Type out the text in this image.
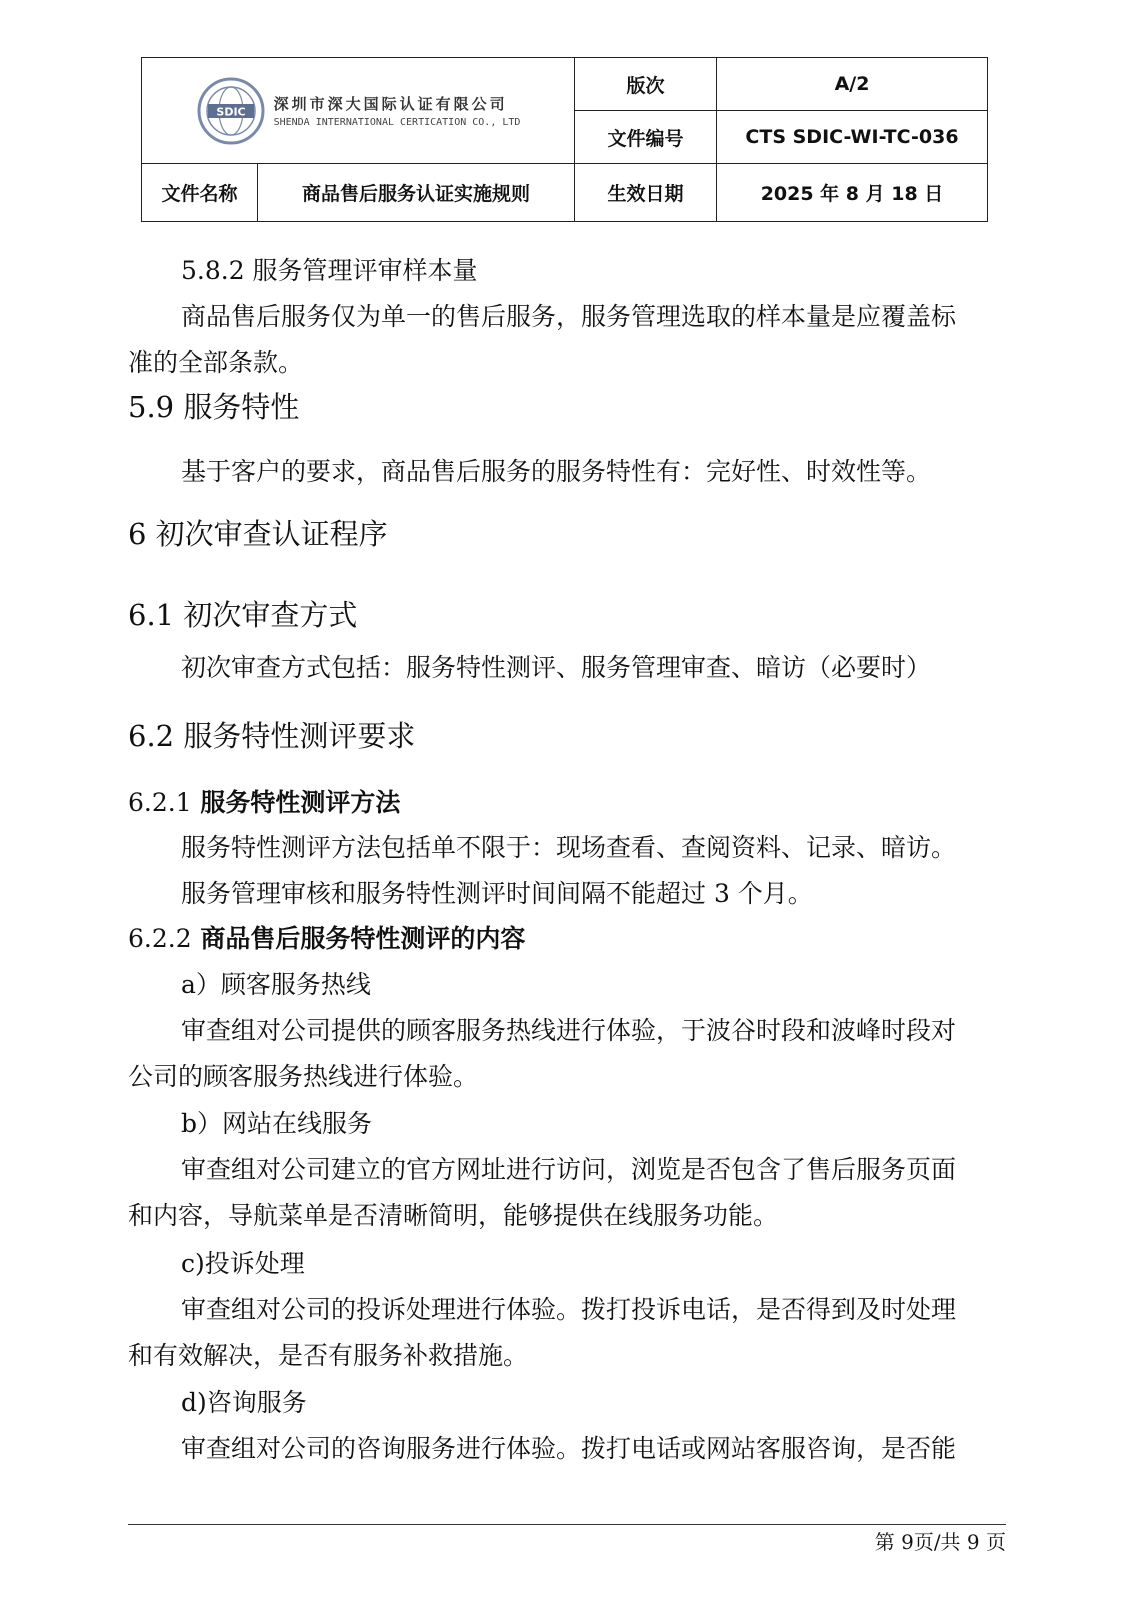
SDIC 深圳市深大国际认证有限公司
SHENDA INTERNATIONAL CERTICATION CO., LTD		版次	A/2
		文件编号	CTS SDIC-WI-TC-036
文件名称	商品售后服务认证实施规则	生效日期	2025 年 8 月 18 日
5.8.2 服务管理评审样本量
商品售后服务仅为单一的售后服务，服务管理选取的样本量是应覆盖标
准的全部条款。
5.9 服务特性
基于客户的要求，商品售后服务的服务特性有：完好性、时效性等。
6 初次审查认证程序
6.1 初次审查方式
初次审查方式包括：服务特性测评、服务管理审查、暗访（必要时）
6.2 服务特性测评要求
6.2.1 服务特性测评方法
服务特性测评方法包括单不限于：现场查看、查阅资料、记录、暗访。
服务管理审核和服务特性测评时间间隔不能超过 3 个月。
6.2.2 商品售后服务特性测评的内容
a）顾客服务热线
审查组对公司提供的顾客服务热线进行体验，于波谷时段和波峰时段对
公司的顾客服务热线进行体验。
b）网站在线服务
审查组对公司建立的官方网址进行访问，浏览是否包含了售后服务页面
和内容，导航菜单是否清晰简明，能够提供在线服务功能。
c)投诉处理
审查组对公司的投诉处理进行体验。拨打投诉电话，是否得到及时处理
和有效解决，是否有服务补救措施。
d)咨询服务
审查组对公司的咨询服务进行体验。拨打电话或网站客服咨询，是否能
第 9页/共 9 页
